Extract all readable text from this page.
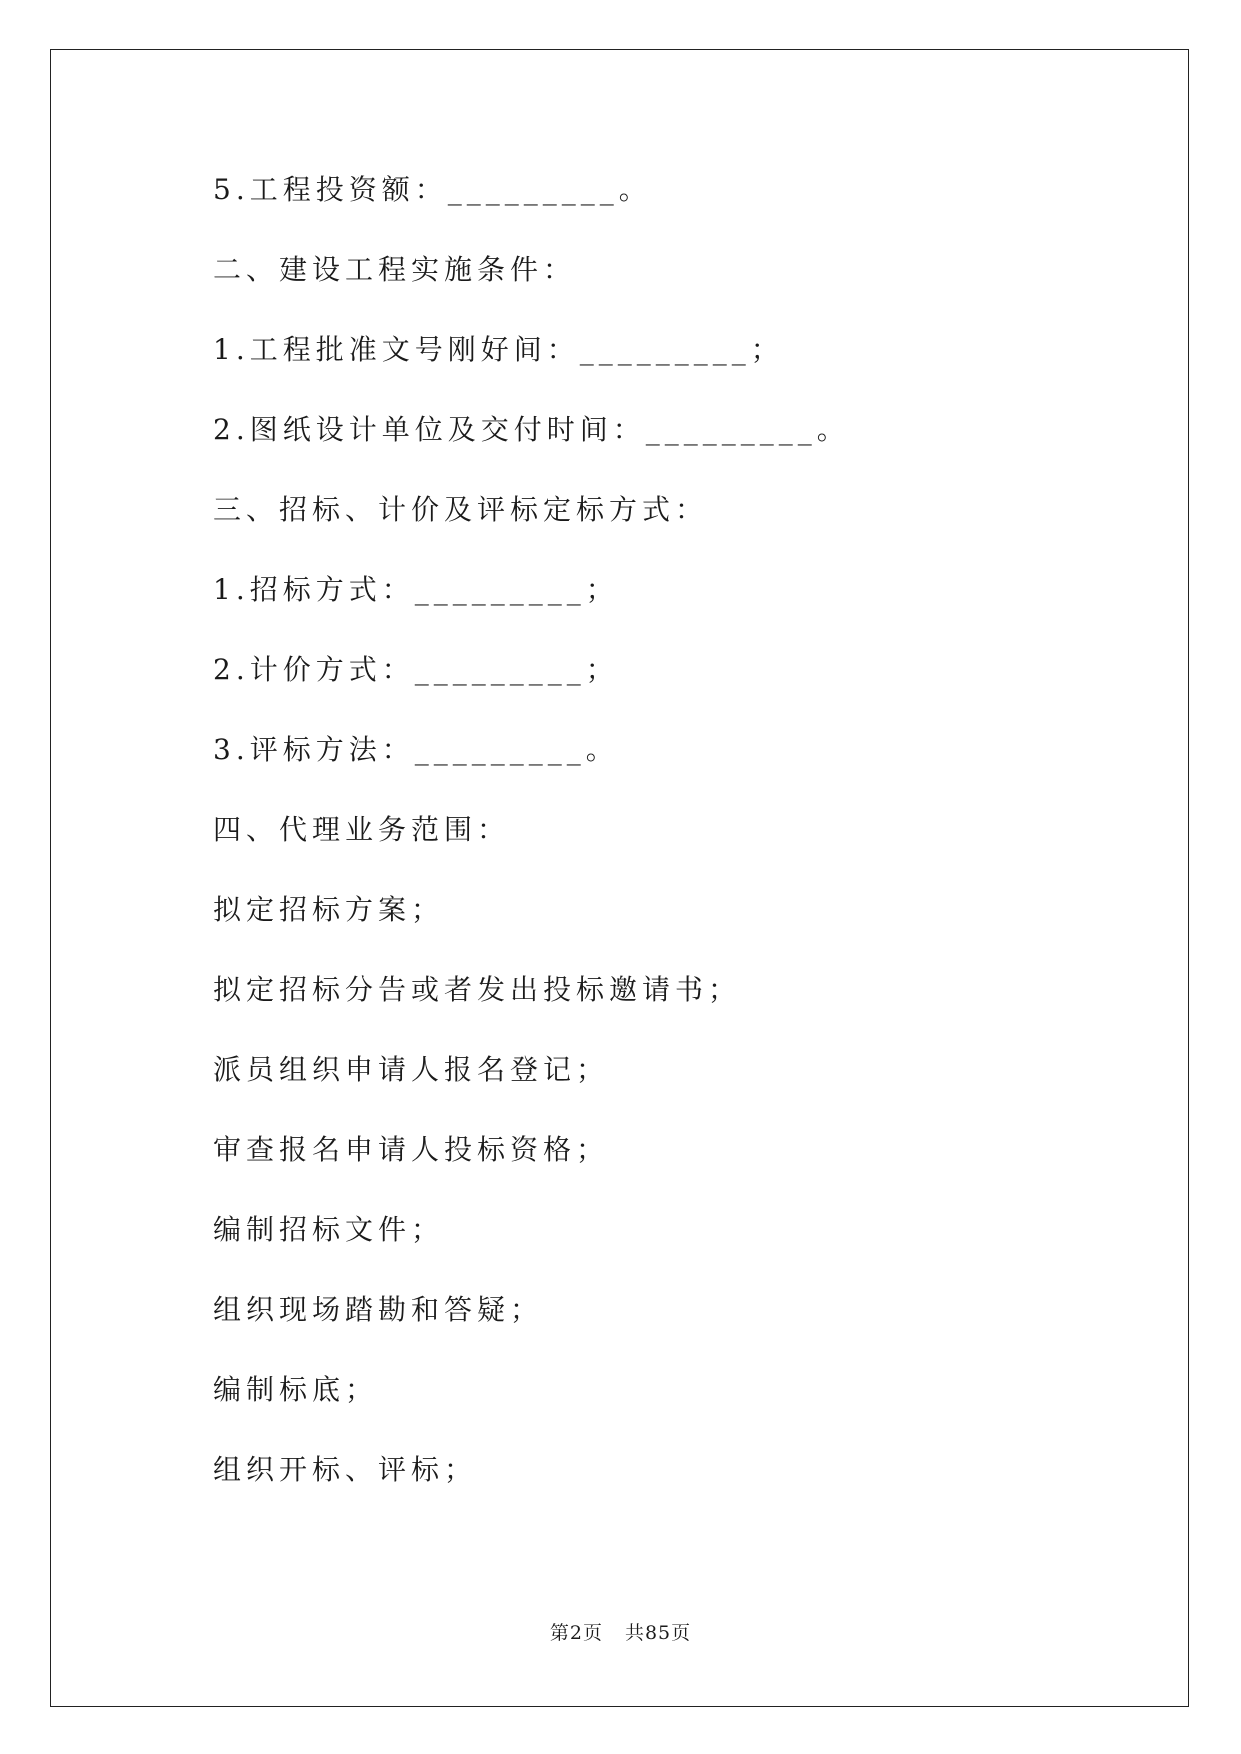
5.工程投资额：_________。
二、建设工程实施条件：
1.工程批准文号刚好间：_________；
2.图纸设计单位及交付时间：_________。
三、招标、计价及评标定标方式：
1.招标方式：_________；
2.计价方式：_________；
3.评标方法：_________。
四、代理业务范围：
拟定招标方案；
拟定招标分告或者发出投标邀请书；
派员组织申请人报名登记；
审查报名申请人投标资格；
编制招标文件；
组织现场踏勘和答疑；
编制标底；
组织开标、评标；
第2页 共85页
